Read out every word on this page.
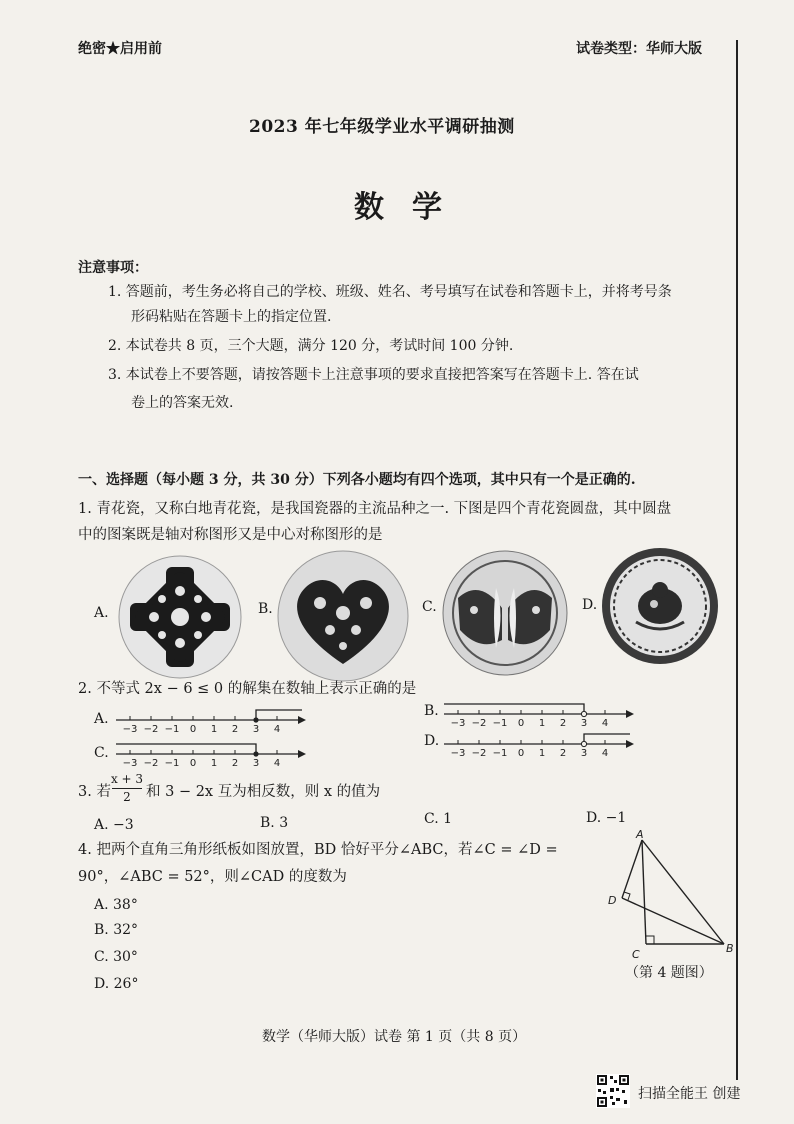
绝密★启用前	试卷类型：华师大版
2023 年七年级学业水平调研抽测
数学
注意事项：
1. 答题前，考生务必将自己的学校、班级、姓名、考号填写在试卷和答题卡上，并将考号条
形码粘贴在答题卡上的指定位置.
2. 本试卷共 8 页，三个大题，满分 120 分，考试时间 100 分钟.
3. 本试卷上不要答题，请按答题卡上注意事项的要求直接把答案写在答题卡上. 答在试
卷上的答案无效.
一、选择题（每小题 3 分，共 30 分）下列各小题均有四个选项，其中只有一个是正确的.
1. 青花瓷，又称白地青花瓷，是我国瓷器的主流品种之一. 下图是四个青花瓷圆盘，其中圆盘
中的图案既是轴对称图形又是中心对称图形的是
A.	B.	C.	D.
2. 不等式 2x − 6 ≤ 0 的解集在数轴上表示正确的是
A.
−3 −2 −1 0 1 2 3 4
C.
−3 −2 −1 0 1 2 3 4
B.
−3 −2 −1 0 1 2 3 4
D.
−3 −2 −1 0 1 2 3 4
3. 若
x + 3
2	和 3 − 2x 互为相反数，则 x 的值为
A. −3	B. 3	C. 1	D. −1
4. 把两个直角三角形纸板如图放置，BD 恰好平分∠ABC，若∠C = ∠D =
90°，∠ABC = 52°，则∠CAD 的度数为
A. 38°
B. 32°
C. 30°
D. 26°
A
D
C	B
（第 4 题图）
数学（华师大版）试卷 第 1 页（共 8 页）
扫描全能王 创建
